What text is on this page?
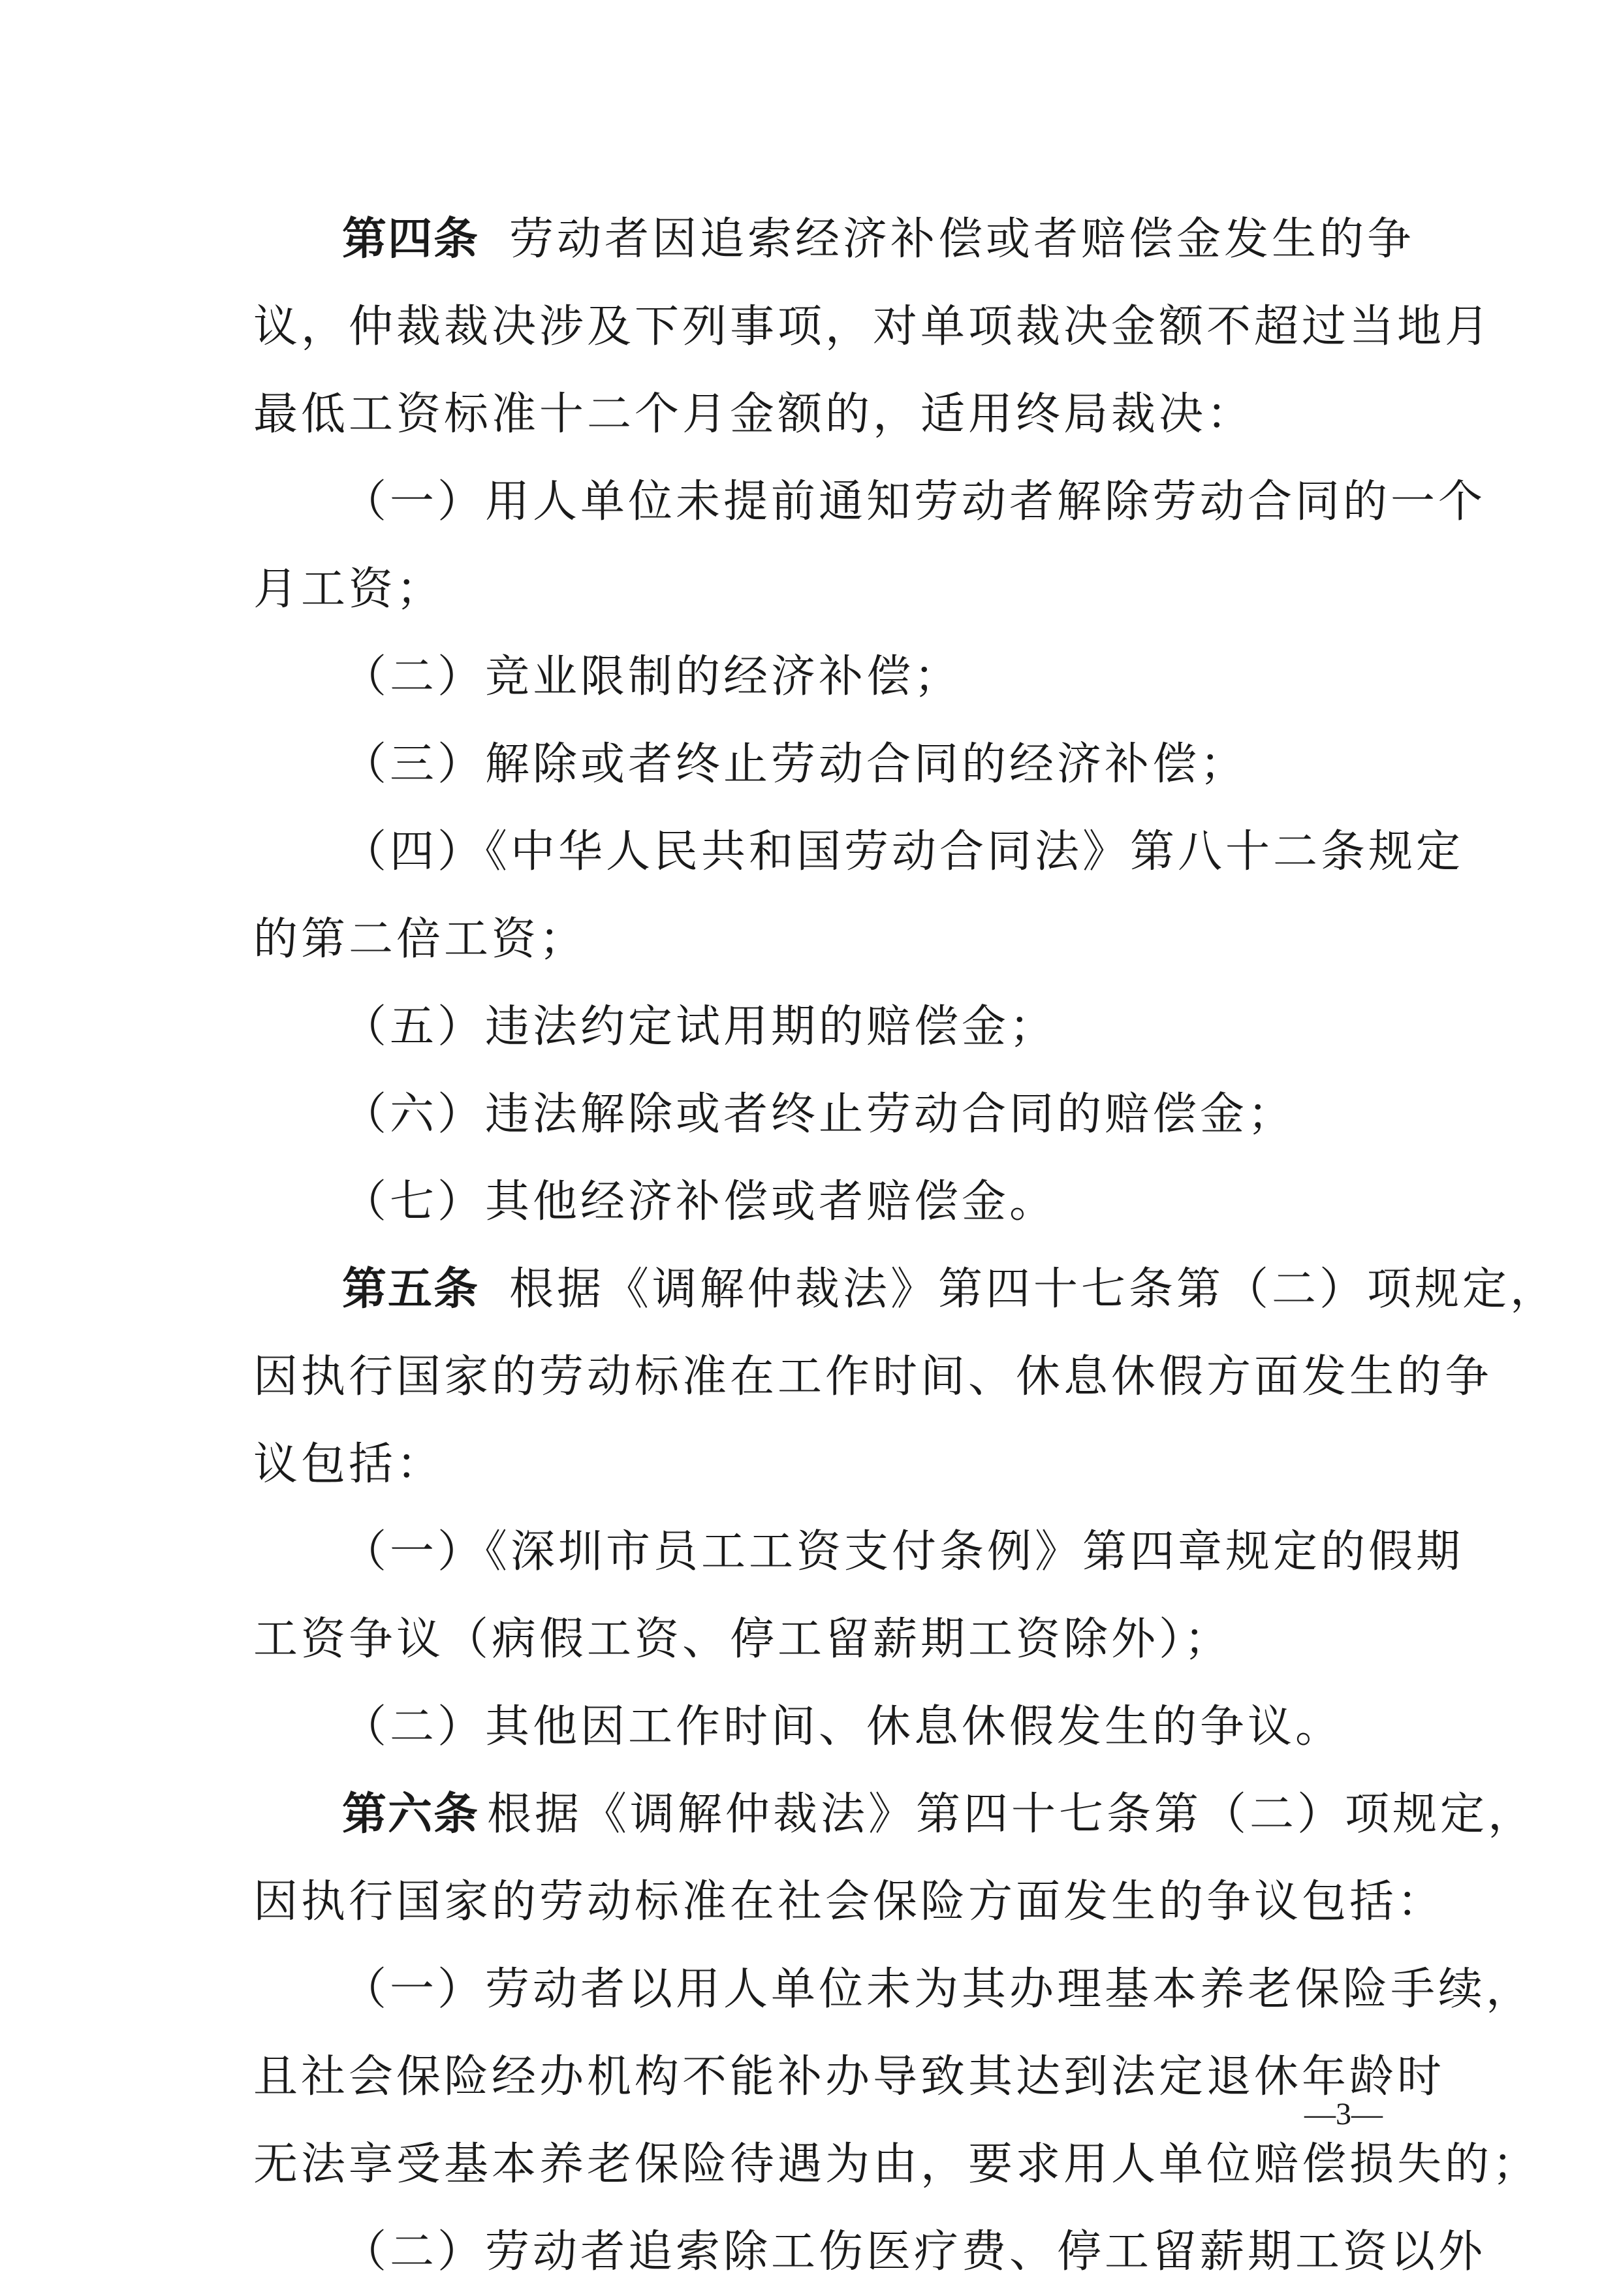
第四条 劳动者因追索经济补偿或者赔偿金发生的争
议，仲裁裁决涉及下列事项，对单项裁决金额不超过当地月
最低工资标准十二个月金额的，适用终局裁决：
（一）用人单位未提前通知劳动者解除劳动合同的一个
月工资；
（二）竞业限制的经济补偿；
（三）解除或者终止劳动合同的经济补偿；
（四）《中华人民共和国劳动合同法》第八十二条规定
的第二倍工资；
（五）违法约定试用期的赔偿金；
（六）违法解除或者终止劳动合同的赔偿金；
（七）其他经济补偿或者赔偿金。
第五条 根据《调解仲裁法》第四十七条第（二）项规定，
因执行国家的劳动标准在工作时间、休息休假方面发生的争
议包括：
（一）《深圳市员工工资支付条例》第四章规定的假期
工资争议（病假工资、停工留薪期工资除外）；
（二）其他因工作时间、休息休假发生的争议。
第六条 根据《调解仲裁法》第四十七条第（二）项规定，
因执行国家的劳动标准在社会保险方面发生的争议包括：
（一）劳动者以用人单位未为其办理基本养老保险手续，
且社会保险经办机构不能补办导致其达到法定退休年龄时
无法享受基本养老保险待遇为由，要求用人单位赔偿损失的；
（二）劳动者追索除工伤医疗费、停工留薪期工资以外
—3—
